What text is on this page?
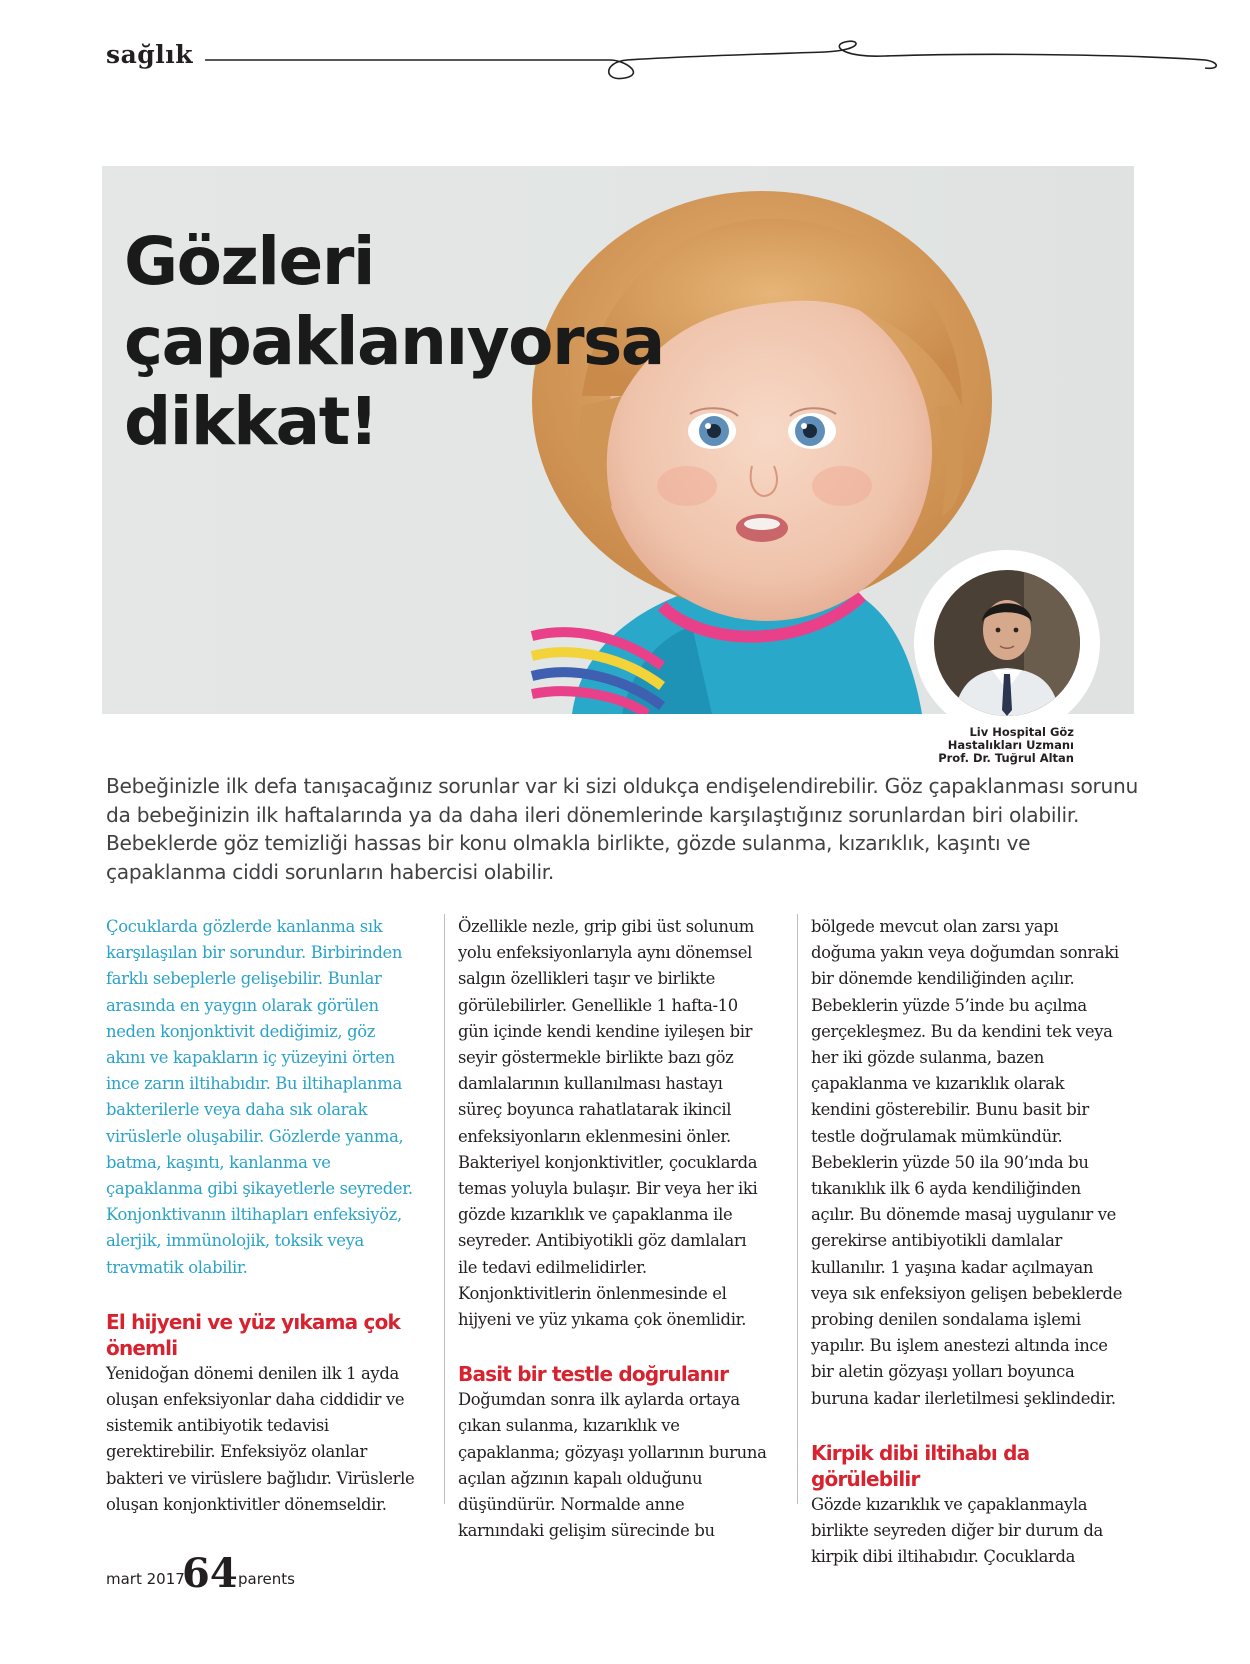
sağlık
Gözleri
çapaklanıyorsa
dikkat!
Liv Hospital Göz
Hastalıkları Uzmanı
Prof. Dr. Tuğrul Altan

Bebeğinizle ilk defa tanışacağınız sorunlar var ki sizi oldukça endişelendirebilir. Göz çapaklanması sorunu da bebeğinizin ilk haftalarında ya da daha ileri dönemlerinde karşılaştığınız sorunlardan biri olabilir. Bebeklerde göz temizliği hassas bir konu olmakla birlikte, gözde sulanma, kızarıklık, kaşıntı ve çapaklanma ciddi sorunların habercisi olabilir.

Çocuklarda gözlerde kanlanma sık karşılaşılan bir sorundur. Birbirinden farklı sebeplerle gelişebilir. Bunlar arasında en yaygın olarak görülen neden konjonktivit dediğimiz, göz akını ve kapakların iç yüzeyini örten ince zarın iltihabıdır. Bu iltihaplanma bakterilerle veya daha sık olarak virüslerle oluşabilir. Gözlerde yanma, batma, kaşıntı, kanlanma ve çapaklanma gibi şikayetlerle seyreder. Konjonktivanın iltihapları enfeksiyöz, alerjik, immünolojik, toksik veya travmatik olabilir.

El hijyeni ve yüz yıkama çok önemli

Yenidoğan dönemi denilen ilk 1 ayda oluşan enfeksiyonlar daha ciddidir ve sistemik antibiyotik tedavisi gerektirebilir. Enfeksiyöz olanlar bakteri ve virüslere bağlıdır. Virüslerle oluşan konjonktivitler dönemseldir.

Özellikle nezle, grip gibi üst solunum yolu enfeksiyonlarıyla aynı dönemsel salgın özellikleri taşır ve birlikte görülebilirler. Genellikle 1 hafta-10 gün içinde kendi kendine iyileşen bir seyir göstermekle birlikte bazı göz damlalarının kullanılması hastayı süreç boyunca rahatlatarak ikincil enfeksiyonların eklenmesini önler. Bakteriyel konjonktivitler, çocuklarda temas yoluyla bulaşır. Bir veya her iki gözde kızarıklık ve çapaklanma ile seyreder. Antibiyotikli göz damlaları ile tedavi edilmelidirler. Konjonktivitlerin önlenmesinde el hijyeni ve yüz yıkama çok önemlidir.

Basit bir testle doğrulanır

Doğumdan sonra ilk aylarda ortaya çıkan sulanma, kızarıklık ve çapaklanma; gözyaşı yollarının buruna açılan ağzının kapalı olduğunu düşündürür. Normalde anne karnındaki gelişim sürecinde bu

bölgede mevcut olan zarsı yapı doğuma yakın veya doğumdan sonraki bir dönemde kendiliğinden açılır. Bebeklerin yüzde 5’inde bu açılma gerçekleşmez. Bu da kendini tek veya her iki gözde sulanma, bazen çapaklanma ve kızarıklık olarak kendini gösterebilir. Bunu basit bir testle doğrulamak mümkündür. Bebeklerin yüzde 50 ila 90’ında bu tıkanıklık ilk 6 ayda kendiliğinden açılır. Bu dönemde masaj uygulanır ve gerekirse antibiyotikli damlalar kullanılır. 1 yaşına kadar açılmayan veya sık enfeksiyon gelişen bebeklerde probing denilen sondalama işlemi yapılır. Bu işlem anestezi altında ince bir aletin gözyaşı yolları boyunca buruna kadar ilerletilmesi şeklindedir.

Kirpik dibi iltihabı da görülebilir

Gözde kızarıklık ve çapaklanmayla birlikte seyreden diğer bir durum da kirpik dibi iltihabıdır. Çocuklarda

mart 2017
64 parents
